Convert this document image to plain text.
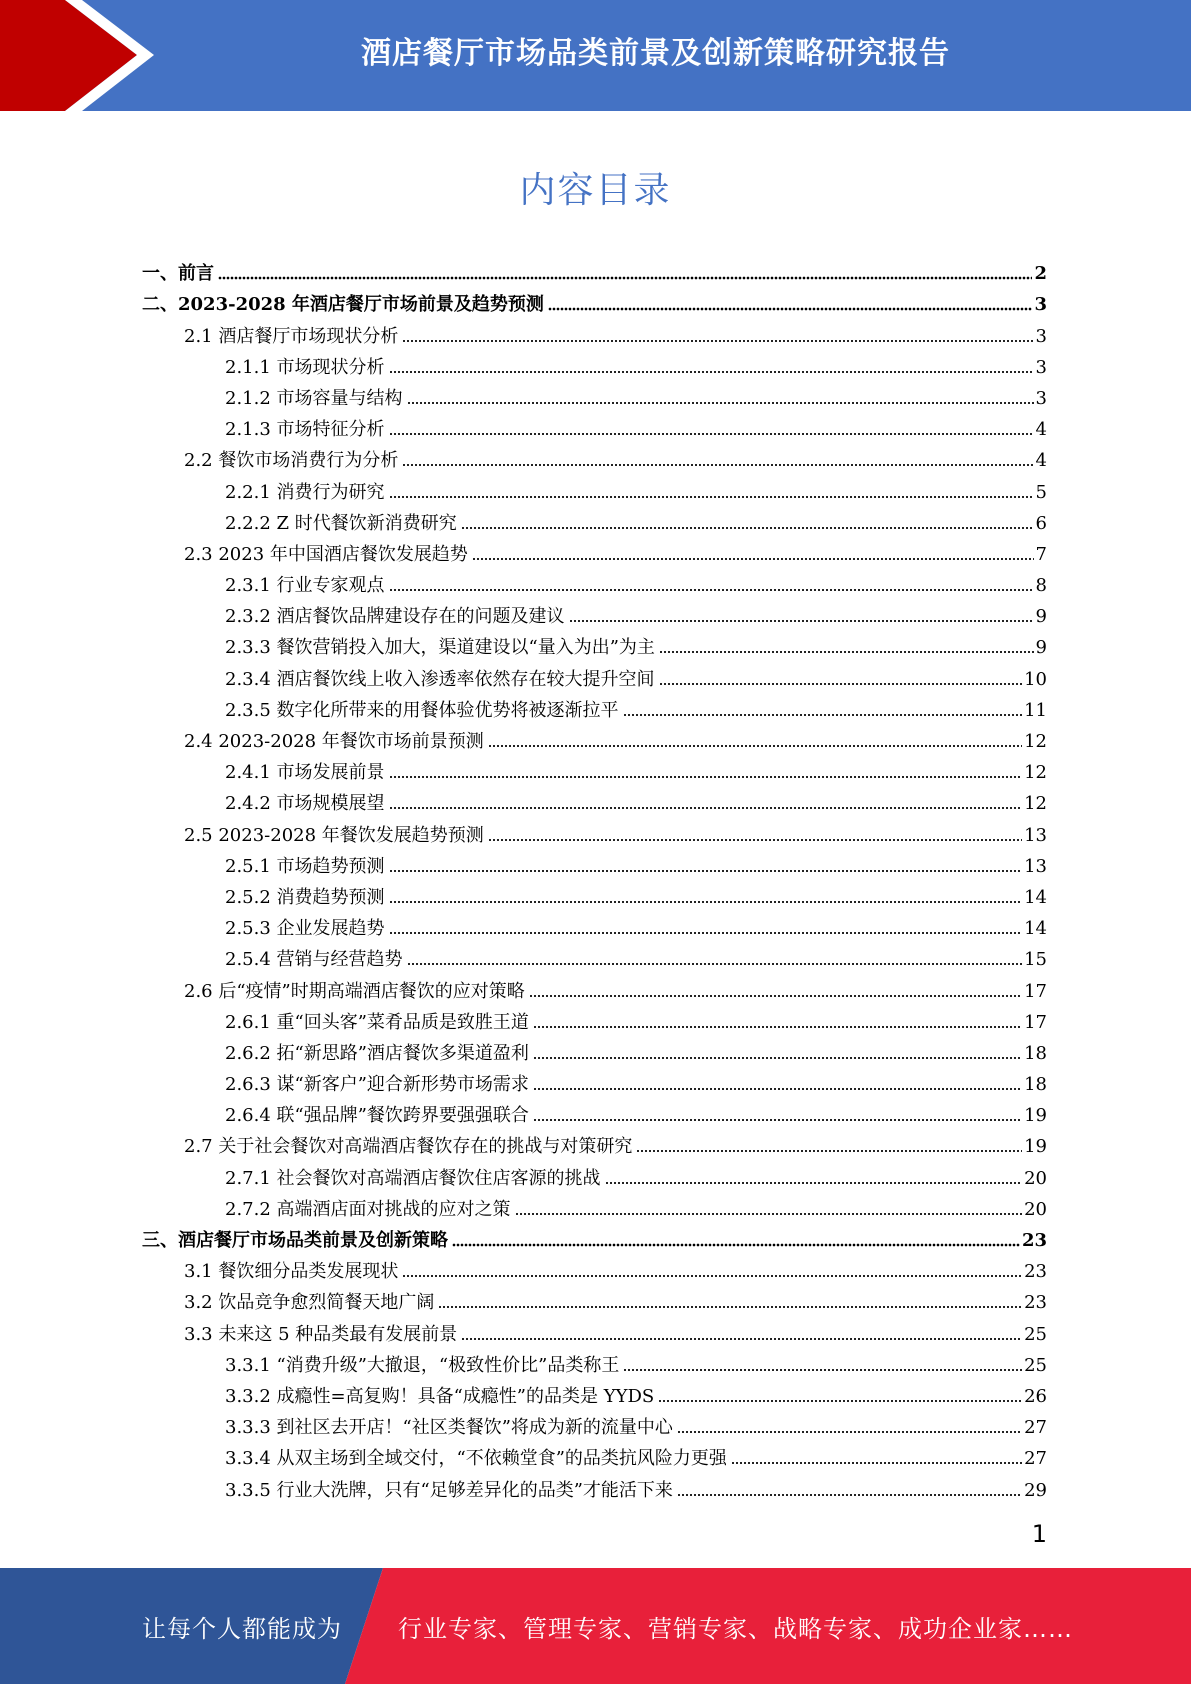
酒店餐厅市场品类前景及创新策略研究报告
内容目录
一、前言	2
二、2023-2028 年酒店餐厅市场前景及趋势预测	3
2.1 酒店餐厅市场现状分析	3
2.1.1 市场现状分析	3
2.1.2 市场容量与结构	3
2.1.3 市场特征分析	4
2.2 餐饮市场消费行为分析	4
2.2.1 消费行为研究	5
2.2.2 Z 时代餐饮新消费研究	6
2.3 2023 年中国酒店餐饮发展趋势	7
2.3.1 行业专家观点	8
2.3.2 酒店餐饮品牌建设存在的问题及建议	9
2.3.3 餐饮营销投入加大，渠道建设以“量入为出”为主	9
2.3.4 酒店餐饮线上收入渗透率依然存在较大提升空间	10
2.3.5 数字化所带来的用餐体验优势将被逐渐拉平	11
2.4 2023-2028 年餐饮市场前景预测	12
2.4.1 市场发展前景	12
2.4.2 市场规模展望	12
2.5 2023-2028 年餐饮发展趋势预测	13
2.5.1 市场趋势预测	13
2.5.2 消费趋势预测	14
2.5.3 企业发展趋势	14
2.5.4 营销与经营趋势	15
2.6 后“疫情”时期高端酒店餐饮的应对策略	17
2.6.1 重“回头客”菜肴品质是致胜王道	17
2.6.2 拓“新思路”酒店餐饮多渠道盈利	18
2.6.3 谋“新客户”迎合新形势市场需求	18
2.6.4 联“强品牌”餐饮跨界要强强联合	19
2.7 关于社会餐饮对高端酒店餐饮存在的挑战与对策研究	19
2.7.1 社会餐饮对高端酒店餐饮住店客源的挑战	20
2.7.2 高端酒店面对挑战的应对之策	20
三、酒店餐厅市场品类前景及创新策略	23
3.1 餐饮细分品类发展现状	23
3.2 饮品竞争愈烈简餐天地广阔	23
3.3 未来这 5 种品类最有发展前景	25
3.3.1 “消费升级”大撤退，“极致性价比”品类称王	25
3.3.2 成瘾性=高复购！具备“成瘾性”的品类是 YYDS	26
3.3.3 到社区去开店！“社区类餐饮”将成为新的流量中心	27
3.3.4 从双主场到全域交付，“不依赖堂食”的品类抗风险力更强	27
3.3.5 行业大洗牌，只有“足够差异化的品类”才能活下来	29
1
让每个人都能成为 行业专家、管理专家、营销专家、战略专家、成功企业家……
